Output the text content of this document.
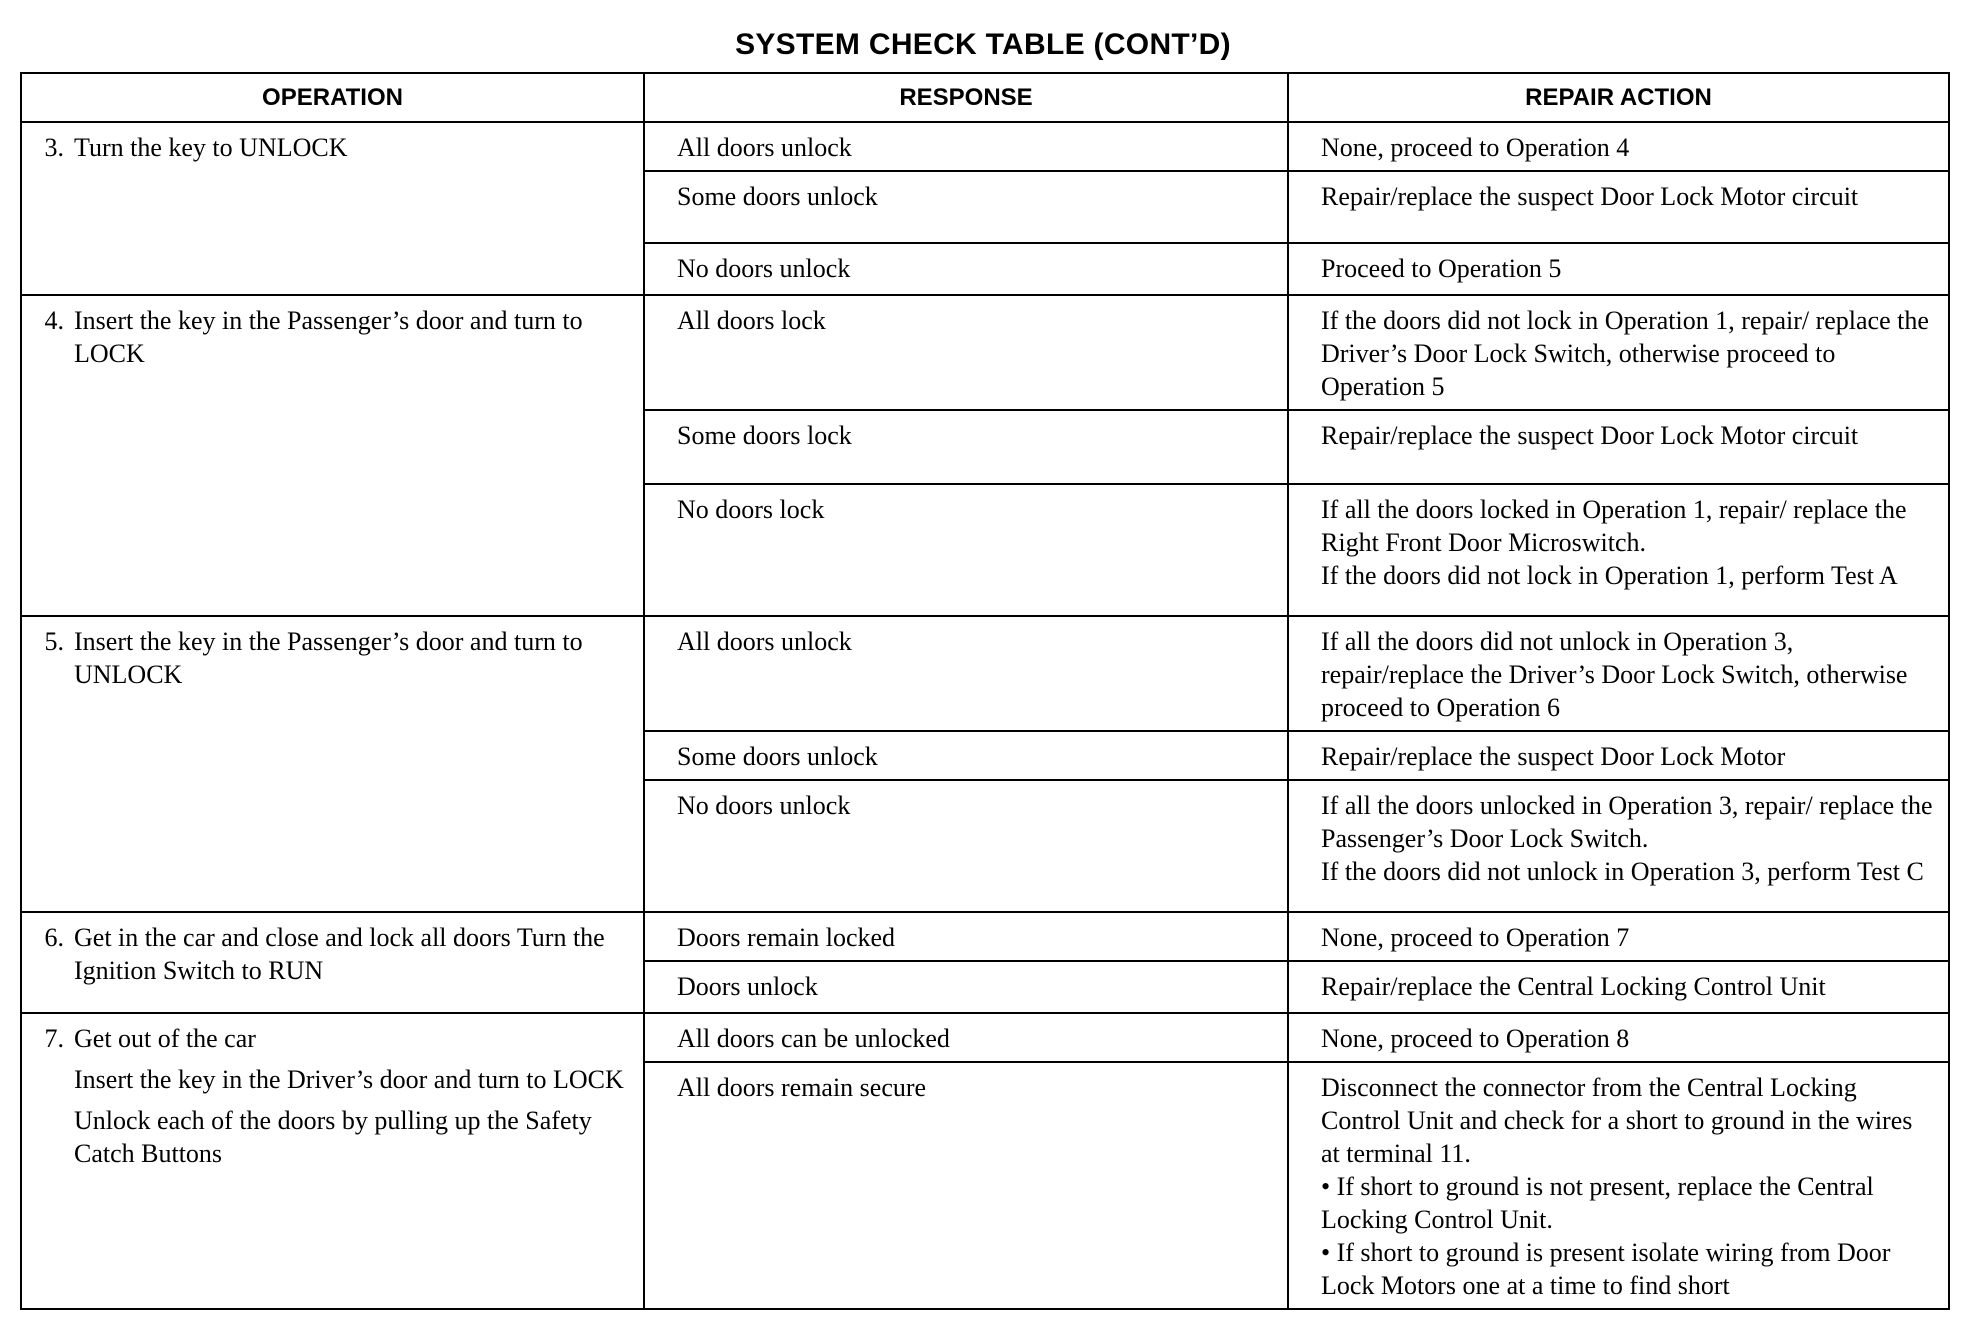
SYSTEM CHECK TABLE (CONT’D)
OPERATION	RESPONSE	REPAIR ACTION

3. Turn the key to UNLOCK	All doors unlock	None, proceed to Operation 4

	Some doors unlock	Repair/replace the suspect Door Lock Motor circuit

	No doors unlock	Proceed to Operation 5

4. Insert the key in the Passenger’s door and turn to LOCK	All doors lock	If the doors did not lock in Operation 1, repair/ replace the Driver’s Door Lock Switch, otherwise proceed to Operation 5

	Some doors lock	Repair/replace the suspect Door Lock Motor circuit

	No doors lock	If all the doors locked in Operation 1, repair/ replace the Right Front Door Microswitch.
If the doors did not lock in Operation 1, perform Test A

5. Insert the key in the Passenger’s door and turn to UNLOCK	All doors unlock	If all the doors did not unlock in Operation 3, repair/replace the Driver’s Door Lock Switch, otherwise proceed to Operation 6

	Some doors unlock	Repair/replace the suspect Door Lock Motor

	No doors unlock	If all the doors unlocked in Operation 3, repair/ replace the Passenger’s Door Lock Switch.
If the doors did not unlock in Operation 3, perform Test C

6. Get in the car and close and lock all doors Turn the Ignition Switch to RUN	Doors remain locked	None, proceed to Operation 7

	Doors unlock	Repair/replace the Central Locking Control Unit

7. Get out of the car
Insert the key in the Driver’s door and turn to LOCK
Unlock each of the doors by pulling up the Safety Catch Buttons	All doors can be unlocked	None, proceed to Operation 8

	All doors remain secure	Disconnect the connector from the Central Locking Control Unit and check for a short to ground in the wires at terminal 11.
• If short to ground is not present, replace the Central Locking Control Unit.
• If short to ground is present isolate wiring from Door Lock Motors one at a time to find short
